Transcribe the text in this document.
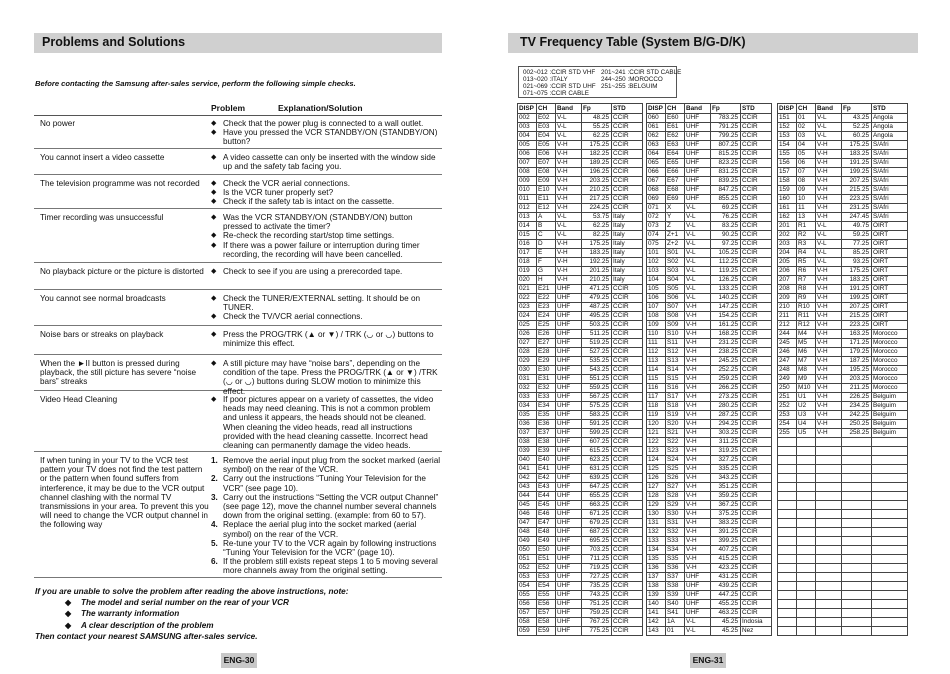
Problems and Solutions
Before contacting the Samsung after-sales service, perform the following simple checks.
Problem	Explanation/Solution
No power	◆ Check that the power plug is connected to a wall outlet.
◆ Have you pressed the VCR STANDBY/ON (STANDBY/ON) button?
You cannot insert a video cassette	◆ A video cassette can only be inserted with the window side up and the safety tab facing you.
The television programme was not recorded	◆ Check the VCR aerial connections.
◆ Is the VCR tuner properly set?
◆ Check if the safety tab is intact on the cassette.
Timer recording was unsuccessful	◆ Was the VCR STANDBY/ON (STANDBY/ON) button pressed to activate the timer?
◆ Re-check the recording start/stop time settings.
◆ If there was a power failure or interruption during timer recording, the recording will have been cancelled.
No playback picture or the picture is distorted	◆ Check to see if you are using a prerecorded tape.
You cannot see normal broadcasts	◆ Check the TUNER/EXTERNAL setting. It should be on TUNER.
◆ Check the TV/VCR aerial connections.
Noise bars or streaks on playback	◆ Press the PROG/TRK (▲ or ▼) / TRK (◡ or ◡) buttons to minimize this effect.
When the ►II button is pressed during playback, the still picture has severe “noise bars” streaks
◆ A still picture may have “noise bars”, depending on the condition of the tape. Press the PROG/TRK (▲ or ▼) /TRK (◡ or ◡) buttons during SLOW motion to minimize this effect.
Video Head Cleaning	◆ If poor pictures appear on a variety of cassettes, the video heads may need cleaning. This is not a common problem and unless it appears, the heads should not be cleaned. When cleaning the video heads, read all instructions provided with the head cleaning cassette. Incorrect head cleaning can permanently damage the video heads.
If when tuning in your TV to the VCR test pattern your TV does not find the test pattern or the pattern when found suffers from interference, it may be due to the VCR output channel clashing with the normal TV transmissions in your area. To prevent this you will need to change the VCR output channel in the following way
1. Remove the aerial input plug from the socket marked (aerial symbol) on the rear of the VCR.
2. Carry out the instructions “Tuning Your Television for the VCR” (see page 10).
3. Carry out the instructions “Setting the VCR output Channel” (see page 12), move the channel number several channels down from the original setting. (example: from 60 to 57).
4. Replace the aerial plug into the socket marked (aerial symbol) on the rear of the VCR.
5. Re-tune your TV to the VCR again by following instructions “Tuning Your Television for the VCR” (page 10).
6. If the problem still exists repeat steps 1 to 5 moving several more channels away from the original setting.
If you are unable to solve the problem after reading the above instructions, note:
◆ The model and serial number on the rear of your VCR
◆ The warranty information
◆ A clear description of the problem
Then contact your nearest SAMSUNG after-sales service.
ENG-30
TV Frequency Table (System B/G-D/K)
002~012 :CCIR STD VHF
013~020 :ITALY
021~069 :CCIR STD UHF
071~075 :CCIR CABLE
201~241 :CCIR STD CABLE
244~250 :MOROCCO
251~255 :BELGUIM
DISP	CH	Band	Fp	STD
002	E02	V-L	48.25	CCIR
003	E03	V-L	55.25	CCIR
004	E04	V-L	62.25	CCIR
005	E05	V-H	175.25	CCIR
006	E06	V-H	182.25	CCIR
007	E07	V-H	189.25	CCIR
008	E08	V-H	196.25	CCIR
009	E09	V-H	203.25	CCIR
010	E10	V-H	210.25	CCIR
011	E11	V-H	217.25	CCIR
012	E12	V-H	224.25	CCIR
013	A	V-L	53.75	Italy
014	B	V-L	62.25	Italy
015	C	V-L	82.25	Italy
016	D	V-H	175.25	Italy
017	E	V-H	183.25	Italy
018	F	V-H	192.25	Italy
019	G	V-H	201.25	Italy
020	H	V-H	210.25	Italy
021	E21	UHF	471.25	CCIR
022	E22	UHF	479.25	CCIR
023	E23	UHF	487.25	CCIR
024	E24	UHF	495.25	CCIR
025	E25	UHF	503.25	CCIR
026	E26	UHF	511.25	CCIR
027	E27	UHF	519.25	CCIR
028	E28	UHF	527.25	CCIR
029	E29	UHF	535.25	CCIR
030	E30	UHF	543.25	CCIR
031	E31	UHF	551.25	CCIR
032	E32	UHF	559.25	CCIR
033	E33	UHF	567.25	CCIR
034	E34	UHF	575.25	CCIR
035	E35	UHF	583.25	CCIR
036	E36	UHF	591.25	CCIR
037	E37	UHF	599.25	CCIR
038	E38	UHF	607.25	CCIR
039	E39	UHF	615.25	CCIR
040	E40	UHF	623.25	CCIR
041	E41	UHF	631.25	CCIR
042	E42	UHF	639.25	CCIR
043	E43	UHF	647.25	CCIR
044	E44	UHF	655.25	CCIR
045	E45	UHF	663.25	CCIR
046	E46	UHF	671.25	CCIR
047	E47	UHF	679.25	CCIR
048	E48	UHF	687.25	CCIR
049	E49	UHF	695.25	CCIR
050	E50	UHF	703.25	CCIR
051	E51	UHF	711.25	CCIR
052	E52	UHF	719.25	CCIR
053	E53	UHF	727.25	CCIR
054	E54	UHF	735.25	CCIR
055	E55	UHF	743.25	CCIR
056	E56	UHF	751.25	CCIR
057	E57	UHF	759.25	CCIR
058	E58	UHF	767.25	CCIR
059	E59	UHF	775.25	CCIR
DISP	CH	Band	Fp	STD
060	E60	UHF	783.25	CCIR
061	E61	UHF	791.25	CCIR
062	E62	UHF	799.25	CCIR
063	E63	UHF	807.25	CCIR
064	E64	UHF	815.25	CCIR
065	E65	UHF	823.25	CCIR
066	E66	UHF	831.25	CCIR
067	E67	UHF	839.25	CCIR
068	E68	UHF	847.25	CCIR
069	E69	UHF	855.25	CCIR
071	X	V-L	69.25	CCIR
072	Y	V-L	76.25	CCIR
073	Z	V-L	83.25	CCIR
074	Z+1	V-L	90.25	CCIR
075	Z+2	V-L	97.25	CCIR
101	S01	V-L	105.25	CCIR
102	S02	V-L	112.25	CCIR
103	S03	V-L	119.25	CCIR
104	S04	V-L	126.25	CCIR
105	S05	V-L	133.25	CCIR
106	S06	V-L	140.25	CCIR
107	S07	V-H	147.25	CCIR
108	S08	V-H	154.25	CCIR
109	S09	V-H	161.25	CCIR
110	S10	V-H	168.25	CCIR
111	S11	V-H	231.25	CCIR
112	S12	V-H	238.25	CCIR
113	S13	V-H	245.25	CCIR
114	S14	V-H	252.25	CCIR
115	S15	V-H	259.25	CCIR
116	S16	V-H	266.25	CCIR
117	S17	V-H	273.25	CCIR
118	S18	V-H	280.25	CCIR
119	S19	V-H	287.25	CCIR
120	S20	V-H	294.25	CCIR
121	S21	V-H	303.25	CCIR
122	S22	V-H	311.25	CCIR
123	S23	V-H	319.25	CCIR
124	S24	V-H	327.25	CCIR
125	S25	V-H	335.25	CCIR
126	S26	V-H	343.25	CCIR
127	S27	V-H	351.25	CCIR
128	S28	V-H	359.25	CCIR
129	S29	V-H	367.25	CCIR
130	S30	V-H	375.25	CCIR
131	S31	V-H	383.25	CCIR
132	S32	V-H	391.25	CCIR
133	S33	V-H	399.25	CCIR
134	S34	V-H	407.25	CCIR
135	S35	V-H	415.25	CCIR
136	S36	V-H	423.25	CCIR
137	S37	UHF	431.25	CCIR
138	S38	UHF	439.25	CCIR
139	S39	UHF	447.25	CCIR
140	S40	UHF	455.25	CCIR
141	S41	UHF	463.25	CCIR
142	1A	V-L	45.25	Indosia
143	01	V-L	45.25	Nez
DISP	CH	Band	Fp	STD
151	01	V-L	43.25	Angola
152	02	V-L	52.25	Angola
153	03	V-L	60.25	Angola
154	04	V-H	175.25	S/Afri
155	05	V-H	183.25	S/Afri
156	06	V-H	191.25	S/Afri
157	07	V-H	199.25	S/Afri
158	08	V-H	207.25	S/Afri
159	09	V-H	215.25	S/Afri
160	10	V-H	223.25	S/Afri
161	11	V-H	231.25	S/Afri
162	13	V-H	247.45	S/Afri
201	R1	V-L	49.75	OIRT
202	R2	V-L	59.25	OIRT
203	R3	V-L	77.25	OIRT
204	R4	V-L	85.25	OIRT
205	R5	V-L	93.25	OIRT
206	R6	V-H	175.25	OIRT
207	R7	V-H	183.25	OIRT
208	R8	V-H	191.25	OIRT
209	R9	V-H	199.25	OIRT
210	R10	V-H	207.25	OIRT
211	R11	V-H	215.25	OIRT
212	R12	V-H	223.25	OIRT
244	M4	V-H	163.25	Morocco
245	M5	V-H	171.25	Morocco
246	M6	V-H	179.25	Morocco
247	M7	V-H	187.25	Morocco
248	M8	V-H	195.25	Morocco
249	M9	V-H	203.25	Morocco
250	M10	V-H	211.25	Morocco
251	U1	V-H	226.25	Belguim
252	U2	V-H	234.25	Belguim
253	U3	V-H	242.25	Belguim
254	U4	V-H	250.25	Belguim
255	U5	V-H	258.25	Belguim

ENG-31
